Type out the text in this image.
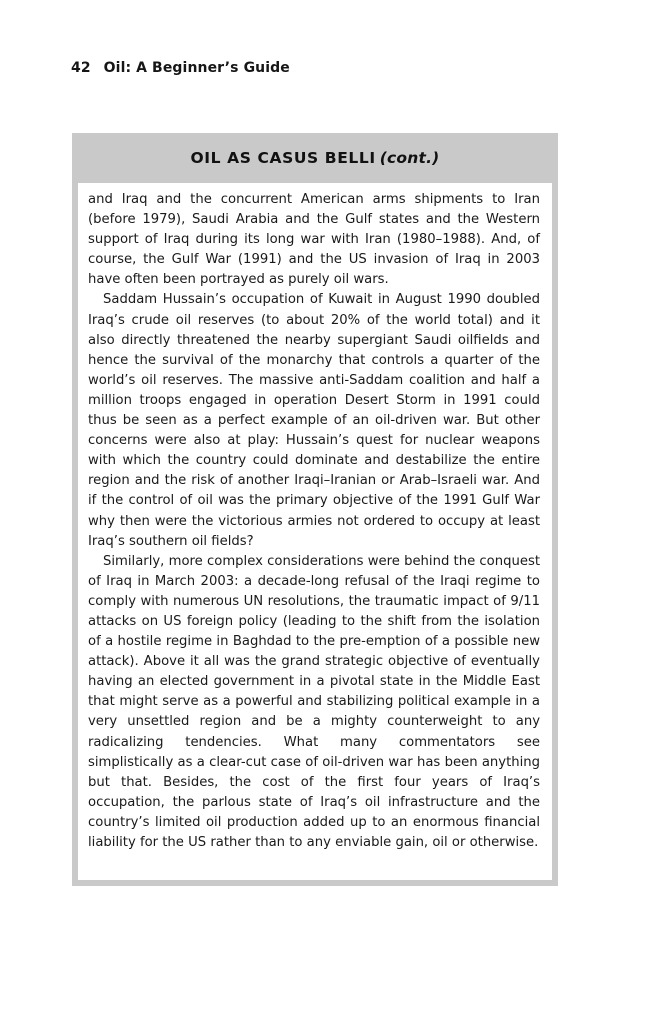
42 Oil: A Beginner’s Guide
OIL AS CASUS BELLI (cont.)

and Iraq and the concurrent American arms shipments to Iran (before 1979), Saudi Arabia and the Gulf states and the Western support of Iraq during its long war with Iran (1980–1988). And, of course, the Gulf War (1991) and the US invasion of Iraq in 2003 have often been portrayed as purely oil wars.

Saddam Hussain’s occupation of Kuwait in August 1990 doubled Iraq’s crude oil reserves (to about 20% of the world total) and it also directly threatened the nearby supergiant Saudi oilfields and hence the survival of the monarchy that controls a quarter of the world’s oil reserves. The massive anti-Saddam coalition and half a million troops engaged in operation Desert Storm in 1991 could thus be seen as a perfect example of an oil-driven war. But other concerns were also at play: Hussain’s quest for nuclear weapons with which the country could dominate and destabilize the entire region and the risk of another Iraqi–Iranian or Arab–Israeli war. And if the control of oil was the primary objective of the 1991 Gulf War why then were the victorious armies not ordered to occupy at least Iraq’s southern oil fields?

Similarly, more complex considerations were behind the conquest of Iraq in March 2003: a decade-long refusal of the Iraqi regime to comply with numerous UN resolutions, the traumatic impact of 9/11 attacks on US foreign policy (leading to the shift from the isolation of a hostile regime in Baghdad to the pre-emption of a possible new attack). Above it all was the grand strategic objective of eventually having an elected government in a pivotal state in the Middle East that might serve as a powerful and stabilizing political example in a very unsettled region and be a mighty counterweight to any radicalizing tendencies. What many commentators see simplistically as a clear-cut case of oil-driven war has been anything but that. Besides, the cost of the first four years of Iraq’s occupation, the parlous state of Iraq’s oil infrastructure and the country’s limited oil production added up to an enormous financial liability for the US rather than to any enviable gain, oil or otherwise.
